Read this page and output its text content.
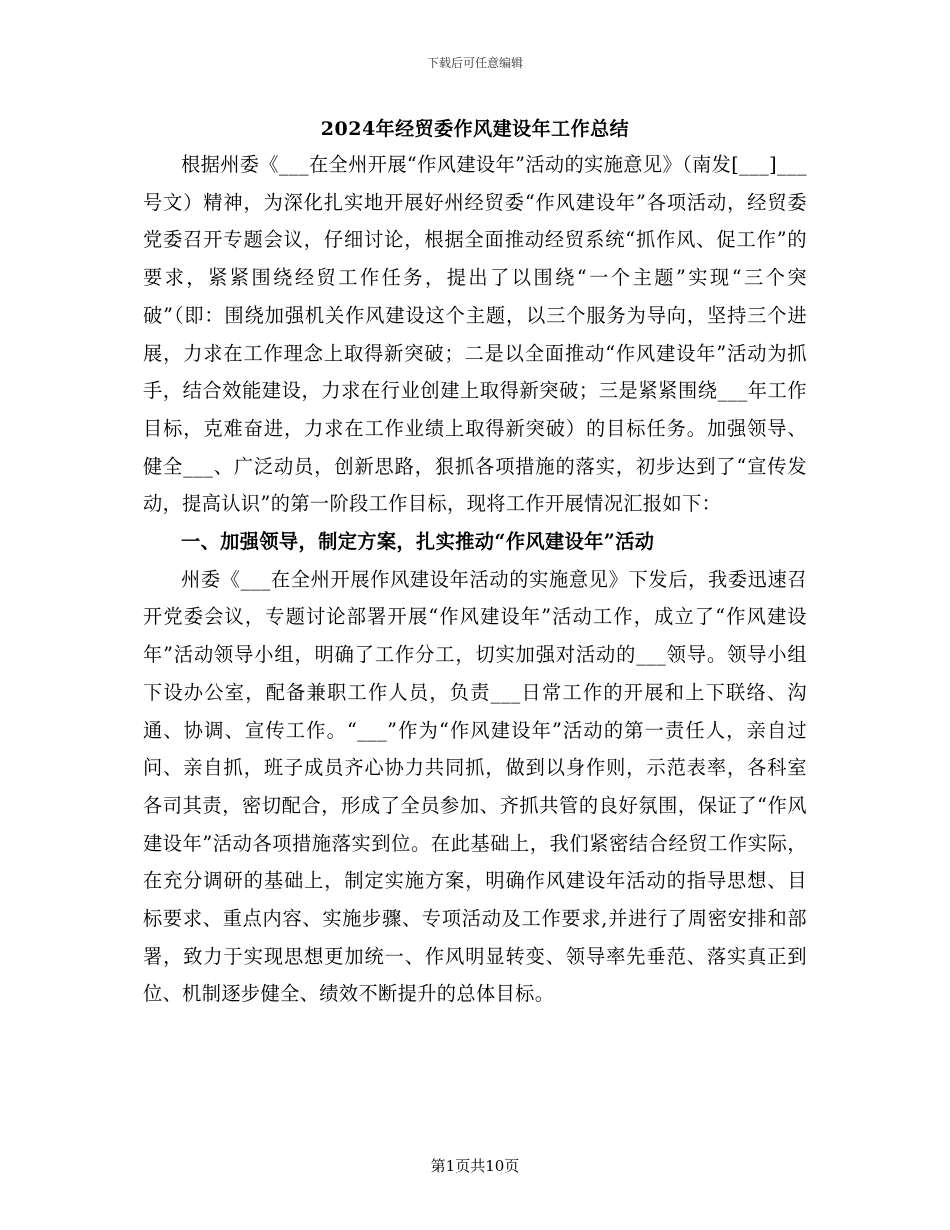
下载后可任意编辑
2024年经贸委作风建设年工作总结

根据州委《___在全州开展“作风建设年”活动的实施意见》（南发[___]___号文）精神，为深化扎实地开展好州经贸委“作风建设年”各项活动，经贸委党委召开专题会议，仔细讨论，根据全面推动经贸系统“抓作风、促工作”的要求，紧紧围绕经贸工作任务，提出了以围绕“一个主题”实现“三个突破”（即：围绕加强机关作风建设这个主题，以三个服务为导向，坚持三个进展，力求在工作理念上取得新突破；二是以全面推动“作风建设年”活动为抓手，结合效能建设，力求在行业创建上取得新突破；三是紧紧围绕___年工作目标，克难奋进，力求在工作业绩上取得新突破）的目标任务。加强领导、健全___、广泛动员，创新思路，狠抓各项措施的落实，初步达到了“宣传发动，提高认识”的第一阶段工作目标，现将工作开展情况汇报如下：

一、加强领导，制定方案，扎实推动“作风建设年”活动

州委《___在全州开展作风建设年活动的实施意见》下发后，我委迅速召开党委会议，专题讨论部署开展“作风建设年”活动工作，成立了“作风建设年”活动领导小组，明确了工作分工，切实加强对活动的___领导。领导小组下设办公室，配备兼职工作人员，负责___日常工作的开展和上下联络、沟通、协调、宣传工作。“___”作为“作风建设年”活动的第一责任人，亲自过问、亲自抓，班子成员齐心协力共同抓，做到以身作则，示范表率，各科室各司其责，密切配合，形成了全员参加、齐抓共管的良好氛围，保证了“作风建设年”活动各项措施落实到位。在此基础上，我们紧密结合经贸工作实际，在充分调研的基础上，制定实施方案，明确作风建设年活动的指导思想、目标要求、重点内容、实施步骤、专项活动及工作要求,并进行了周密安排和部署，致力于实现思想更加统一、作风明显转变、领导率先垂范、落实真正到位、机制逐步健全、绩效不断提升的总体目标。

第1页共10页
